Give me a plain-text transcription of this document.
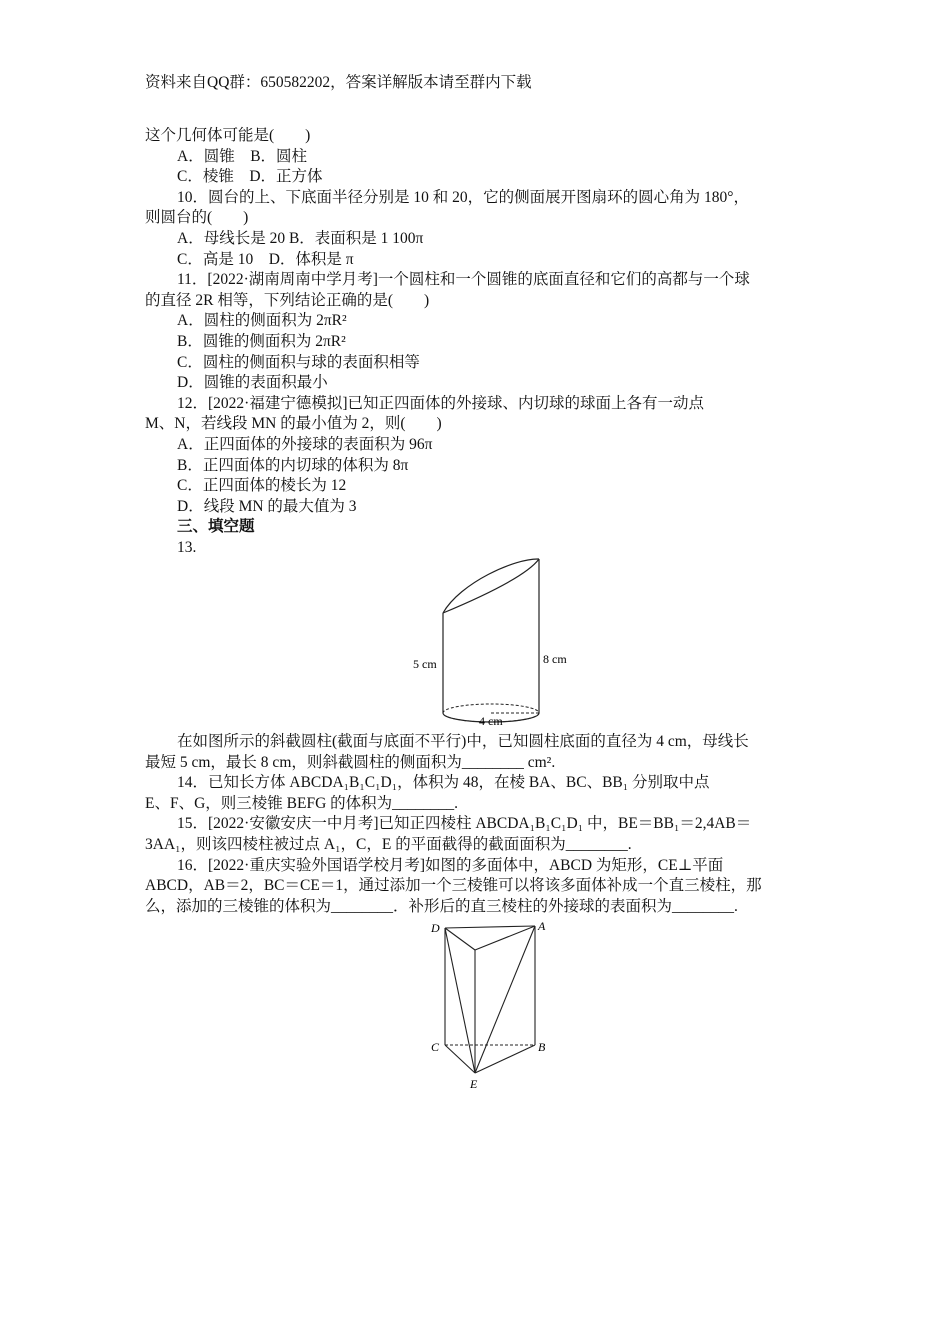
资料来自QQ群：650582202，答案详解版本请至群内下载
这个几何体可能是(　　)
A．圆锥　B．圆柱
C．棱锥　D．正方体
10．圆台的上、下底面半径分别是 10 和 20，它的侧面展开图扇环的圆心角为 180°，
则圆台的(　　)
A．母线长是 20 B．表面积是 1 100π
C．高是 10　D．体积是 π
11．[2022·湖南周南中学月考]一个圆柱和一个圆锥的底面直径和它们的高都与一个球
的直径 2R 相等，下列结论正确的是(　　)
A．圆柱的侧面积为 2πR²
B．圆锥的侧面积为 2πR²
C．圆柱的侧面积与球的表面积相等
D．圆锥的表面积最小
12．[2022·福建宁德模拟]已知正四面体的外接球、内切球的球面上各有一动点
M、N，若线段 MN 的最小值为 2，则(　　)
A．正四面体的外接球的表面积为 96π
B．正四面体的内切球的体积为 8π
C．正四面体的棱长为 12
D．线段 MN 的最大值为 3
三、填空题
13.
5 cm	8 cm
4 cm
在如图所示的斜截圆柱(截面与底面不平行)中，已知圆柱底面的直径为 4 cm，母线长
最短 5 cm，最长 8 cm，则斜截圆柱的侧面积为________ cm².
14．已知长方体 ABCDA₁B₁C₁D₁，体积为 48，在棱 BA、BC、BB₁ 分别取中点
E、F、G，则三棱锥 BEFG 的体积为________.
15．[2022·安徽安庆一中月考]已知正四棱柱 ABCDA₁B₁C₁D₁ 中，BE＝BB₁＝2,4AB＝
3AA₁，则该四棱柱被过点 A₁，C，E 的平面截得的截面面积为________.
16．[2022·重庆实验外国语学校月考]如图的多面体中，ABCD 为矩形，CE⊥平面
ABCD，AB＝2，BC＝CE＝1，通过添加一个三棱锥可以将该多面体补成一个直三棱柱，那
么，添加的三棱锥的体积为________．补形后的直三棱柱的外接球的表面积为________.
D	A
C	B
E
